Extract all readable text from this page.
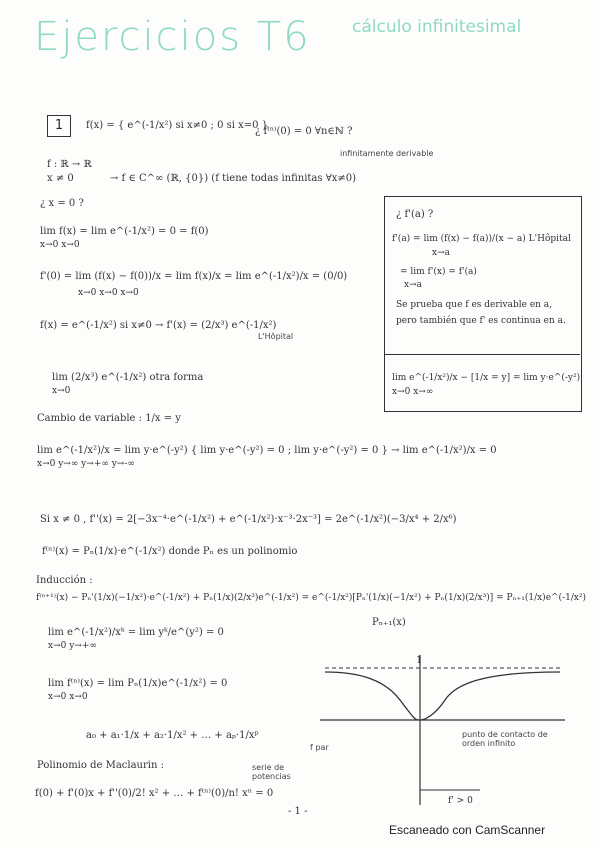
Ejercicios T6 cálculo infinitesimal
1	f(x) = { e^(-1/x²) si x≠0 ; 0 si x=0 }
¿ f⁽ⁿ⁾(0) = 0 ∀n∈ℕ ?
f : ℝ → ℝ
x ≠ 0	→ f ∈ C^∞ (ℝ, {0}) (f tiene todas infinitas ∀x≠0)
infinitamente derivable
¿ x = 0 ?
lim f(x) = lim e^(-1/x²) = 0 = f(0)
x→0 x→0
f'(0) = lim (f(x) − f(0))/x = lim f(x)/x = lim e^(-1/x²)/x = (0/0)
x→0 x→0 x→0
f(x) = e^(-1/x²) si x≠0 → f'(x) = (2/x³) e^(-1/x²)
L'Hôpital
lim (2/x³) e^(-1/x²) otra forma
x→0
Cambio de variable : 1/x = y
lim e^(-1/x²)/x = lim y·e^(-y²) { lim y·e^(-y²) = 0 ; lim y·e^(-y²) = 0 } → lim e^(-1/x²)/x = 0
x→0 y→∞ y→+∞ y→-∞
Si x ≠ 0 , f''(x) = 2[−3x⁻⁴·e^(-1/x²) + e^(-1/x²)·x⁻³·2x⁻³] = 2e^(-1/x²)(−3/x⁴ + 2/x⁶)
f⁽ⁿ⁾(x) = Pₙ(1/x)·e^(-1/x²) donde Pₙ es un polinomio
Inducción :
f⁽ⁿ⁺¹⁾(x) − Pₙ'(1/x)(−1/x²)·e^(-1/x²) + Pₙ(1/x)(2/x³)e^(-1/x²) = e^(-1/x²)[Pₙ'(1/x)(−1/x²) + Pₙ(1/x)(2/x³)] = Pₙ₊₁(1/x)e^(-1/x²)
Pₙ₊₁(x)
lim e^(-1/x²)/xᵏ = lim yᵏ/e^(y²) = 0
x→0 y→+∞
lim f⁽ⁿ⁾(x) = lim Pₙ(1/x)e^(-1/x²) = 0
x→0 x→0
a₀ + a₁·1/x + a₂·1/x² + … + aₚ·1/xᵖ
Polinomio de Maclaurin :
f(0) + f'(0)x + f''(0)/2! x² + … + f⁽ⁿ⁾(0)/n! xⁿ = 0
serie de potencias
- 1 -
¿ f'(a) ?
f'(a) = lim (f(x) − f(a))/(x − a) L'Hôpital
x→a
= lim f'(x) = f'(a)
x→a
Se prueba que f es derivable en a, pero también que f' es continua en a.
lim e^(-1/x²)/x − [1/x = y] = lim y·e^(-y²)
x→0 x→∞
1
f par
punto de contacto de orden infinito
f' > 0
Escaneado con CamScanner
